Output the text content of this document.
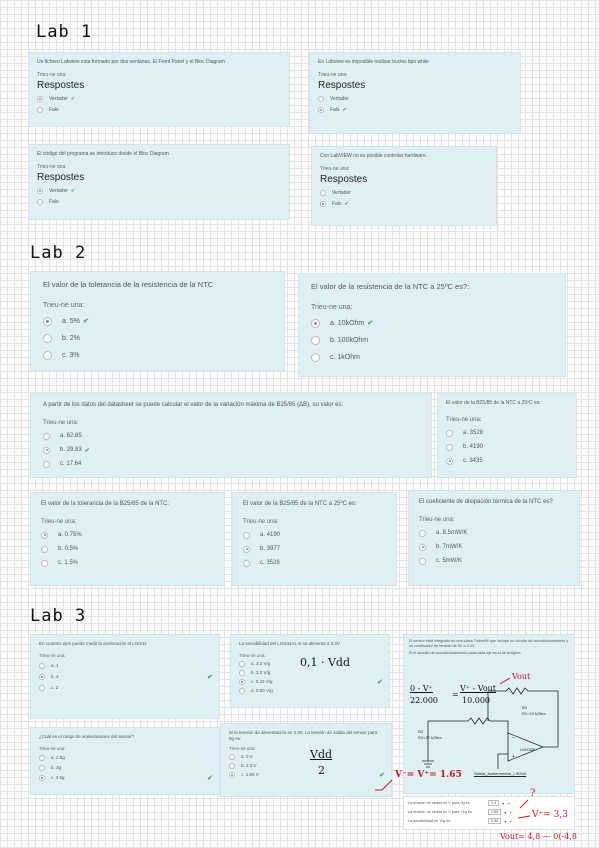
Lab 1
Un fichero Labview esta formado por dos ventanas. El Front Panel y el Bloc Diagram
Trieu-ne una:
Respostes
Vertader ✔
Fals
En Labview es imposible realizar bucles tipo while
Trieu-ne una:
Respostes
Vertader
Fals ✔
El código del programa se introduce desde el Bloc Diagram
Trieu-ne una:
Respostes
Vertader ✔
Fals
Con LabVIEW no es posible controlar hardware.
Trieu-ne una:
Respostes
Vertader
Fals ✔
Lab 2
El valor de la tolerancia de la resistencia de la NTC
Trieu-ne una:
a. 5% ✔
b. 2%
c. 3%
El valor de la resistencia de la NTC a 25ºC es?:
Trieu-ne una:
a. 10kOhm ✔
b. 100kOhm
c. 1kOhm
A partir de los datos del datasheet se puede calcular el valor de la variación máxima de B25/85 (ΔB), su valor es:
Trieu-ne una:
a. 62.85
b. 29.83 ✔
c. 17.64
El valor de la B25/85 de la NTC a 25ºC es:
Trieu-ne una:
a. 3528
b. 4190
c. 3435
El valor de la tolerancia de la B25/85 de la NTC:
Trieu-ne una:
a. 0.75%
b. 0.5%
c. 1.5%
El valor de la B25/85 de la NTC a 25ºC es:
Trieu-ne una:
a. 4190
b. 3977
c. 3528
El coeficiente de disipación térmica de la NTC es?
Trieu-ne una:
a. 8.5mW/K
b. 7mW/K
c. 5mW/K
Lab 3
En cuantos ejes puede medir la aceleración el LIS344
Trieu-ne una:
a. 1
b. 3	✔
c. 2
La sensibilidad del LIS344AL si se alimenta a 3.3V
Trieu-ne una:
a. 3.3 V/g
b. 3.0 V/g
c. 0.33 V/g	✔
d. 0.00 V/g
¿Cuál es el rango de aceleraciones del sensor?
Trieu-ne una:
a. 2.5g
b. 3g
c. 3.5g	✔
Si la tension de alimentación es 3.3V. La tensión de salida del sensor para 0g es:
Trieu-ne una:
a. 0 V
b. 3.3 V
c. 1.65 V	✔
El sensor está integrado en una placa TinkerKit que incluye un circuito de acondicionamiento y un rectificador de tensión de 5V a 3.3V.
El el circuito de acondicionamiento para cada eje es el de la figura
−
+
R1
R1=10 kOhm
R2
R2=22 kOhm
LMV358
Salida_Acelerometro_LIS344
La tensión de salida en V para 0g és	2.4	▾ ✔
La tensión de salida en V para +1g es	2.65	▾ ✔
La sensibilidad en V/g es	0.66	▾ ✔
0,1 · Vdd
Vdd
2
0 - V⁺
22.000
=
V⁺ - Vout
10.000
Vout
V⁻= V⁺= 1.65
?
V⁺= 3,3
Vout= 4,8 — 0(-4,8
